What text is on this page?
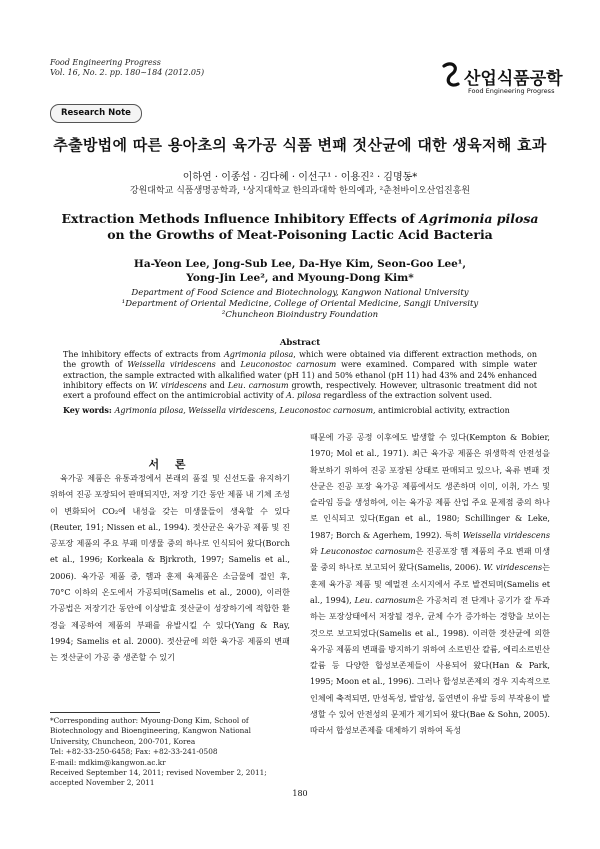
Food Engineering Progress
Vol. 16, No. 2. pp. 180~184 (2012.05)	산업식품공학
Food Engineering Progress
Research Note
추출방법에 따른 용아초의 육가공 식품 변패 젓산균에 대한 생육저해 효과
이하연 · 이종섭 · 김다혜 · 이선구¹ · 이용진² · 김명동*
강원대학교 식품생명공학과, ¹상지대학교 한의과대학 한의예과, ²춘천바이오산업진흥원
Extraction Methods Influence Inhibitory Effects of Agrimonia pilosa on the Growths of Meat-Poisoning Lactic Acid Bacteria
Ha-Yeon Lee, Jong-Sub Lee, Da-Hye Kim, Seon-Goo Lee¹,
Yong-Jin Lee², and Myoung-Dong Kim*
Department of Food Science and Biotechnology, Kangwon National University
¹Department of Oriental Medicine, College of Oriental Medicine, Sangji University
²Chuncheon Bioindustry Foundation
Abstract
The inhibitory effects of extracts from Agrimonia pilosa, which were obtained via different extraction methods, on the growth of Weissella viridescens and Leuconostoc carnosum were examined. Compared with simple water extraction, the sample extracted with alkalified water (pH 11) and 50% ethanol (pH 11) had 43% and 24% enhanced inhibitory effects on W. viridescens and Leu. carnosum growth, respectively. However, ultrasonic treatment did not exert a profound effect on the antimicrobial activity of A. pilosa regardless of the extraction solvent used.
Key words: Agrimonia pilosa, Weissella viridescens, Leuconostoc carnosum, antimicrobial activity, extraction
서 론

육가공 제품은 유통과정에서 본래의 품질 및 신선도를 유지하기 위하여 진공 포장되어 판매되지만, 저장 기간 동안 제품 내 기체 조성이 변화되어 CO₂에 내성을 갖는 미생물들이 생육할 수 있다(Reuter, 191; Nissen et al., 1994). 젓산균은 육가공 제품 및 진공포장 제품의 주요 부패 미생물 중의 하나로 인식되어 왔다(Borch et al., 1996; Korkeala & Bjrkroth, 1997; Samelis et al., 2006). 육가공 제품 중, 햄과 훈제 육제품은 소금물에 절인 후, 70°C 이하의 온도에서 가공되며(Samelis et al., 2000), 이러한 가공법은 저장기간 동안에 이상발효 젓산균이 성장하기에 적합한 환경을 제공하여 제품의 부패를 유발시킬 수 있다(Yang & Ray, 1994; Samelis et al. 2000). 젓산균에 의한 육가공 제품의 변패는 젓산균이 가공 중 생존할 수 있기

*Corresponding author: Myoung-Dong Kim, School of Biotechnology and Bioengineering, Kangwon National University, Chuncheon, 200-701, Korea
Tel: +82-33-250-6458; Fax: +82-33-241-0508
E-mail: mdkim@kangwon.ac.kr
Received September 14, 2011; revised November 2, 2011; accepted November 2, 2011

때문에 가공 공정 이후에도 발생할 수 있다(Kempton & Bobier, 1970; Mol et al., 1971). 최근 육가공 제품은 위생학적 안전성을 확보하기 위하여 진공 포장된 상태로 판매되고 있으나, 육류 변패 젓산균은 진공 포장 육가공 제품에서도 생존하며 이미, 이취, 가스 및 슬라임 등을 생성하여, 이는 육가공 제품 산업 주요 문제점 중의 하나로 인식되고 있다(Egan et al., 1980; Schillinger & Leke, 1987; Borch & Agerhem, 1992). 특히 Weissella viridescens와 Leuconostoc carnosum은 진공포장 햄 제품의 주요 변패 미생물 중의 하나로 보고되어 왔다(Samelis, 2006). W. viridescens는 훈제 육가공 제품 및 예멀전 소시지에서 주로 발견되며(Samelis et al., 1994), Leu. carnosum은 가공처리 전 단계나 공기가 잘 투과하는 포장상태에서 저장될 경우, 균체 수가 증가하는 경향을 보이는 것으로 보고되었다(Samelis et al., 1998). 이러한 젓산균에 의한 육가공 제품의 변패를 방지하기 위하여 소르빈산 칼륨, 에리소르빈산 칼륨 등 다양한 합성보존제들이 사용되어 왔다(Han & Park, 1995; Moon et al., 1996). 그러나 합성보존제의 경우 지속적으로 인체에 축적되면, 만성독성, 발암성, 돌연변이 유발 등의 부작용이 발생할 수 있어 안전성의 문제가 제기되어 왔다(Bae & Sohn, 2005). 따라서 합성보존제를 대체하기 위하여 독성

180
